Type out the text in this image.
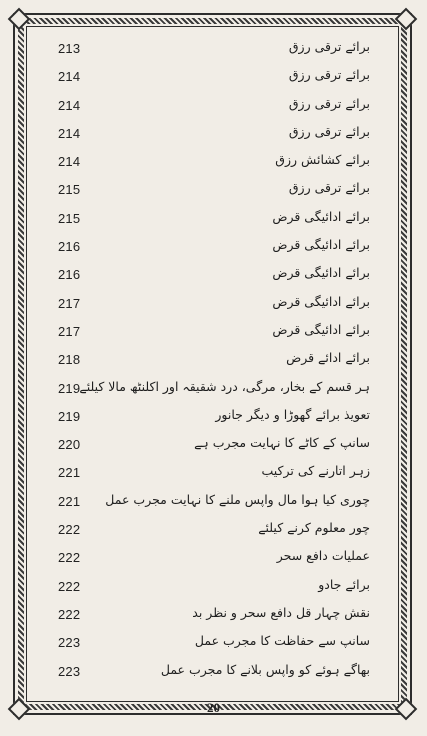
213	برائے ترقی رزق
214	برائے ترقی رزق
214	برائے ترقی رزق
214	برائے ترقی رزق
214	برائے کشائش رزق
215	برائے ترقی رزق
215	برائے ادائیگی قرض
216	برائے ادائیگی قرض
216	برائے ادائیگی قرض
217	برائے ادائیگی قرض
217	برائے ادائیگی قرض
218	برائے ادائے قرض
219 ہر قسم کے بخار، مرگی، درد شقیقہ اور اکلنٹھ مالا کیلئے
219	تعویذ برائے گھوڑا و دیگر جانور
220	سانپ کے کاٹے کا نہایت مجرب ہے
221	زہر اتارنے کی ترکیب
221 چوری کیا ہوا مال واپس ملنے کا نہایت مجرب عمل
222	چور معلوم کرنے کیلئے
222	عملیات دافع سحر
222	برائے جادو
222	نقش چہار قل دافع سحر و نظر بد
223	سانپ سے حفاظت کا مجرب عمل
223	بھاگے ہوئے کو واپس بلانے کا مجرب عمل
20
